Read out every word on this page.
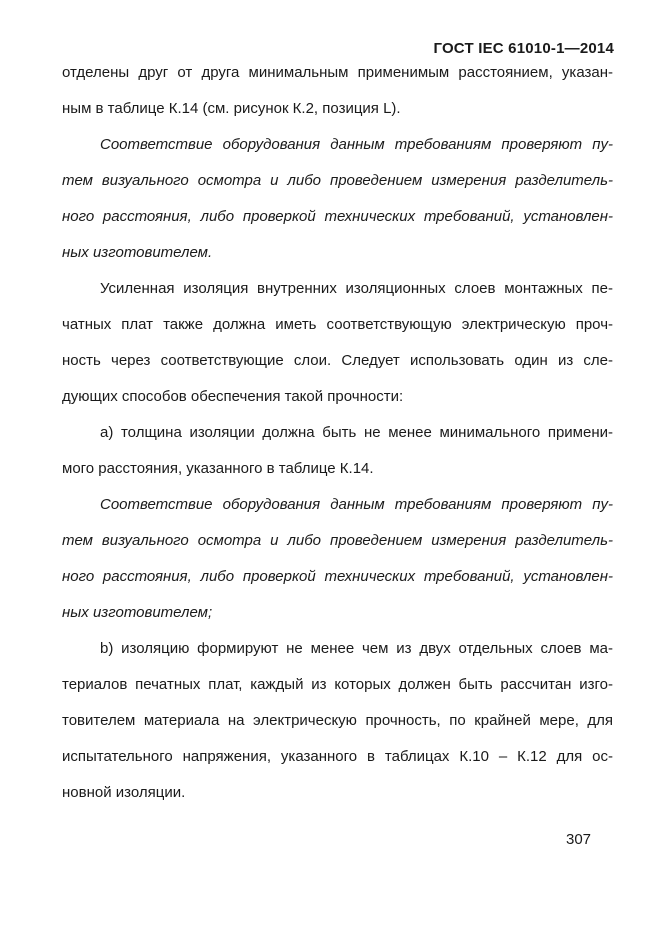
ГОСТ IEC 61010-1—2014
отделены друг от друга минимальным применимым расстоянием, указан-
ным в таблице К.14 (см. рисунок К.2, позиция L).
Соответствие оборудования данным требованиям проверяют пу-
тем визуального осмотра и либо проведением измерения разделитель-
ного расстояния, либо проверкой технических требований, установлен-
ных изготовителем.
Усиленная изоляция внутренних изоляционных слоев монтажных пе-
чатных плат также должна иметь соответствующую электрическую проч-
ность через соответствующие слои. Следует использовать один из сле-
дующих способов обеспечения такой прочности:
а) толщина изоляции должна быть не менее минимального примени-
мого расстояния, указанного в таблице К.14.
Соответствие оборудования данным требованиям проверяют пу-
тем визуального осмотра и либо проведением измерения разделитель-
ного расстояния, либо проверкой технических требований, установлен-
ных изготовителем;
b) изоляцию формируют не менее чем из двух отдельных слоев ма-
териалов печатных плат, каждый из которых должен быть рассчитан изго-
товителем материала на электрическую прочность, по крайней мере, для
испытательного напряжения, указанного в таблицах К.10 – К.12 для ос-
новной изоляции.
307
